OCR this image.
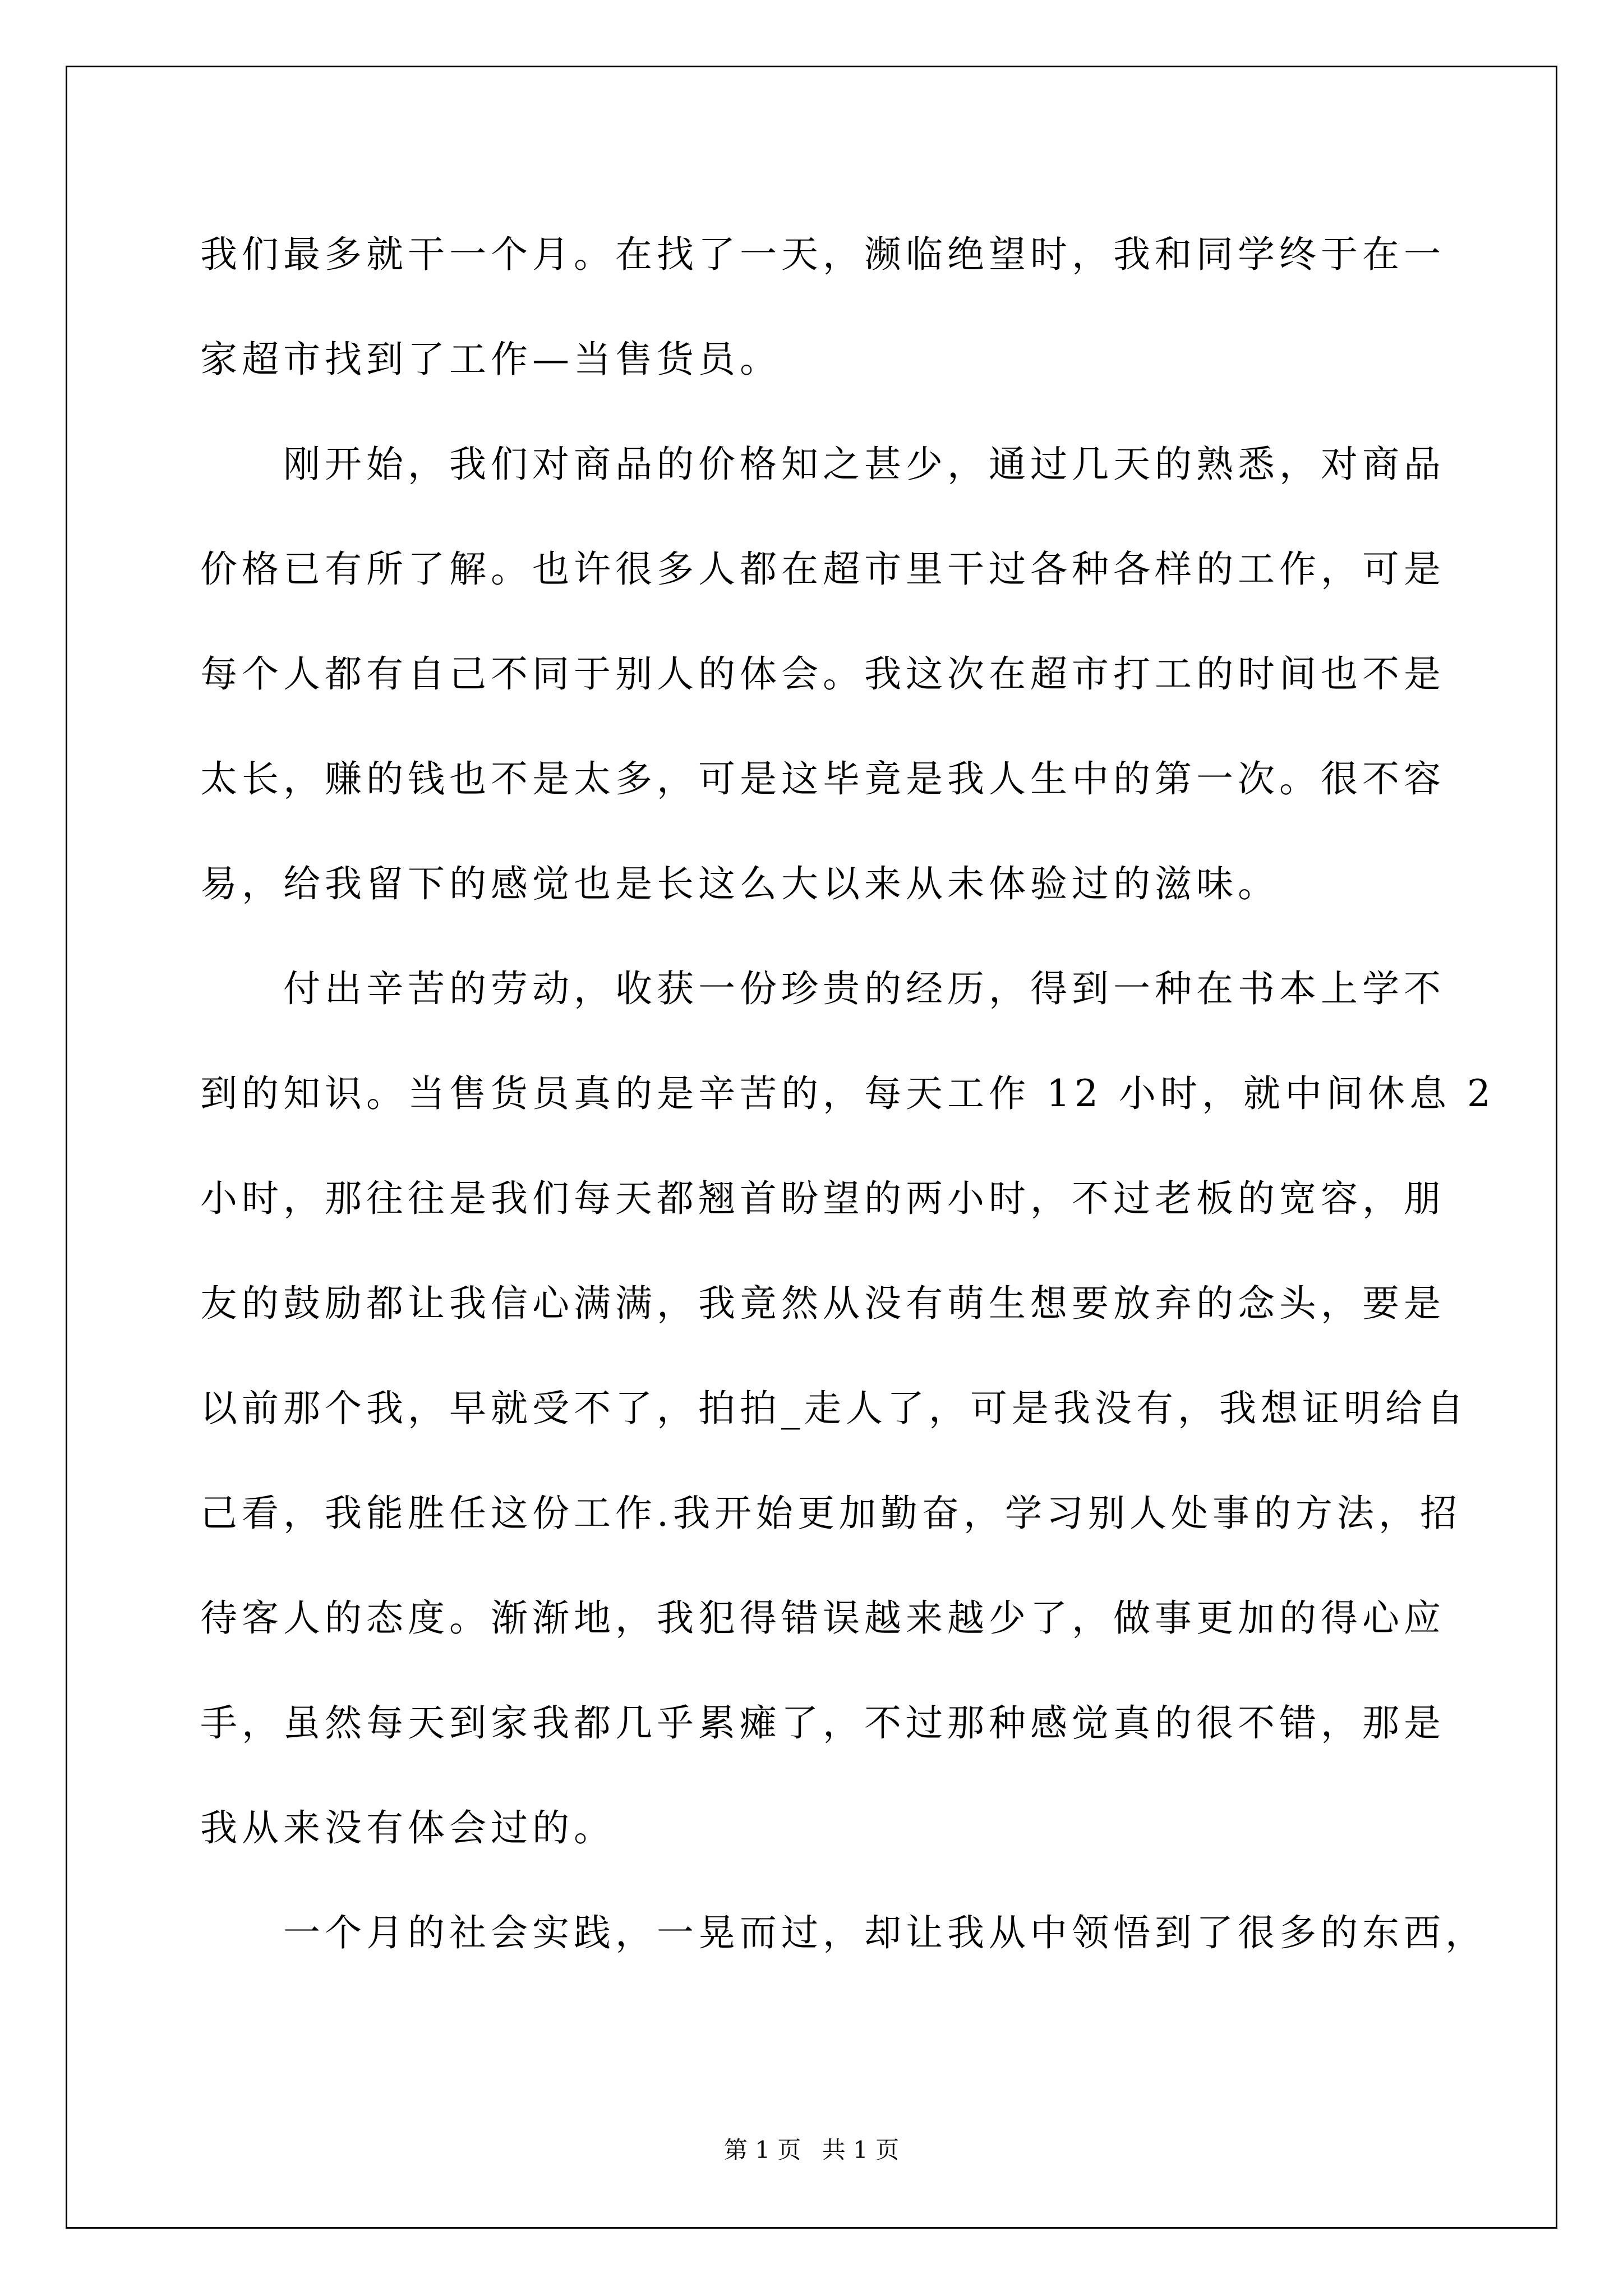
我们最多就干一个月。在找了一天，濒临绝望时，我和同学终于在一
家超市找到了工作—当售货员。
刚开始，我们对商品的价格知之甚少，通过几天的熟悉，对商品
价格已有所了解。也许很多人都在超市里干过各种各样的工作，可是
每个人都有自己不同于别人的体会。我这次在超市打工的时间也不是
太长，赚的钱也不是太多，可是这毕竟是我人生中的第一次。很不容
易，给我留下的感觉也是长这么大以来从未体验过的滋味。
付出辛苦的劳动，收获一份珍贵的经历，得到一种在书本上学不
到的知识。当售货员真的是辛苦的，每天工作 12 小时，就中间休息 2
小时，那往往是我们每天都翘首盼望的两小时，不过老板的宽容，朋
友的鼓励都让我信心满满，我竟然从没有萌生想要放弃的念头，要是
以前那个我，早就受不了，拍拍_走人了，可是我没有，我想证明给自
己看，我能胜任这份工作.我开始更加勤奋，学习别人处事的方法，招
待客人的态度。渐渐地，我犯得错误越来越少了，做事更加的得心应
手，虽然每天到家我都几乎累瘫了，不过那种感觉真的很不错，那是
我从来没有体会过的。
一个月的社会实践，一晃而过，却让我从中领悟到了很多的东西，
第 1 页 共 1 页
